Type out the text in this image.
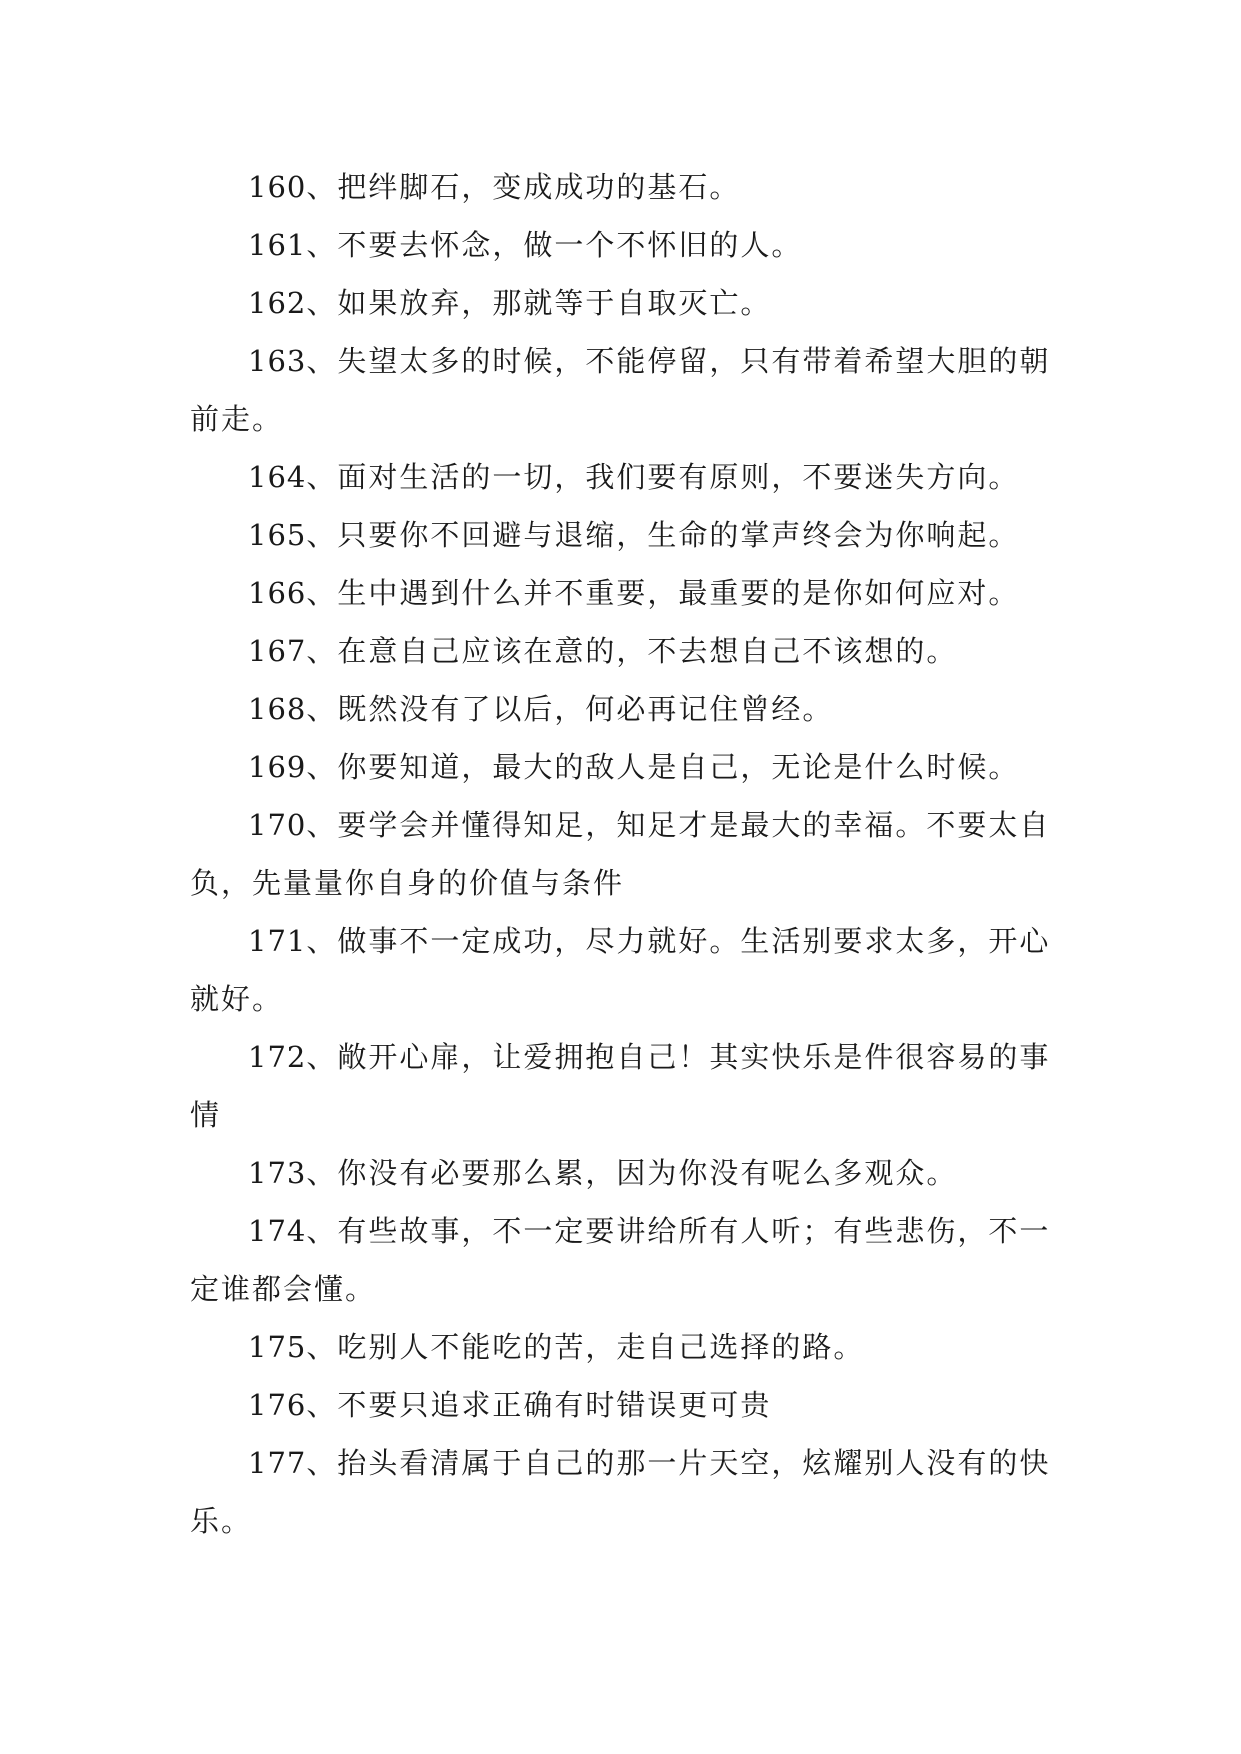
160、把绊脚石，变成成功的基石。

161、不要去怀念，做一个不怀旧的人。

162、如果放弃，那就等于自取灭亡。

163、失望太多的时候，不能停留，只有带着希望大胆的朝前走。

164、面对生活的一切，我们要有原则，不要迷失方向。

165、只要你不回避与退缩，生命的掌声终会为你响起。

166、生中遇到什么并不重要，最重要的是你如何应对。

167、在意自己应该在意的，不去想自己不该想的。

168、既然没有了以后，何必再记住曾经。

169、你要知道，最大的敌人是自己，无论是什么时候。

170、要学会并懂得知足，知足才是最大的幸福。不要太自负，先量量你自身的价值与条件

171、做事不一定成功，尽力就好。生活别要求太多，开心就好。

172、敞开心扉，让爱拥抱自己！其实快乐是件很容易的事情

173、你没有必要那么累，因为你没有呢么多观众。

174、有些故事，不一定要讲给所有人听；有些悲伤，不一定谁都会懂。

175、吃别人不能吃的苦，走自己选择的路。

176、不要只追求正确有时错误更可贵

177、抬头看清属于自己的那一片天空，炫耀别人没有的快乐。
